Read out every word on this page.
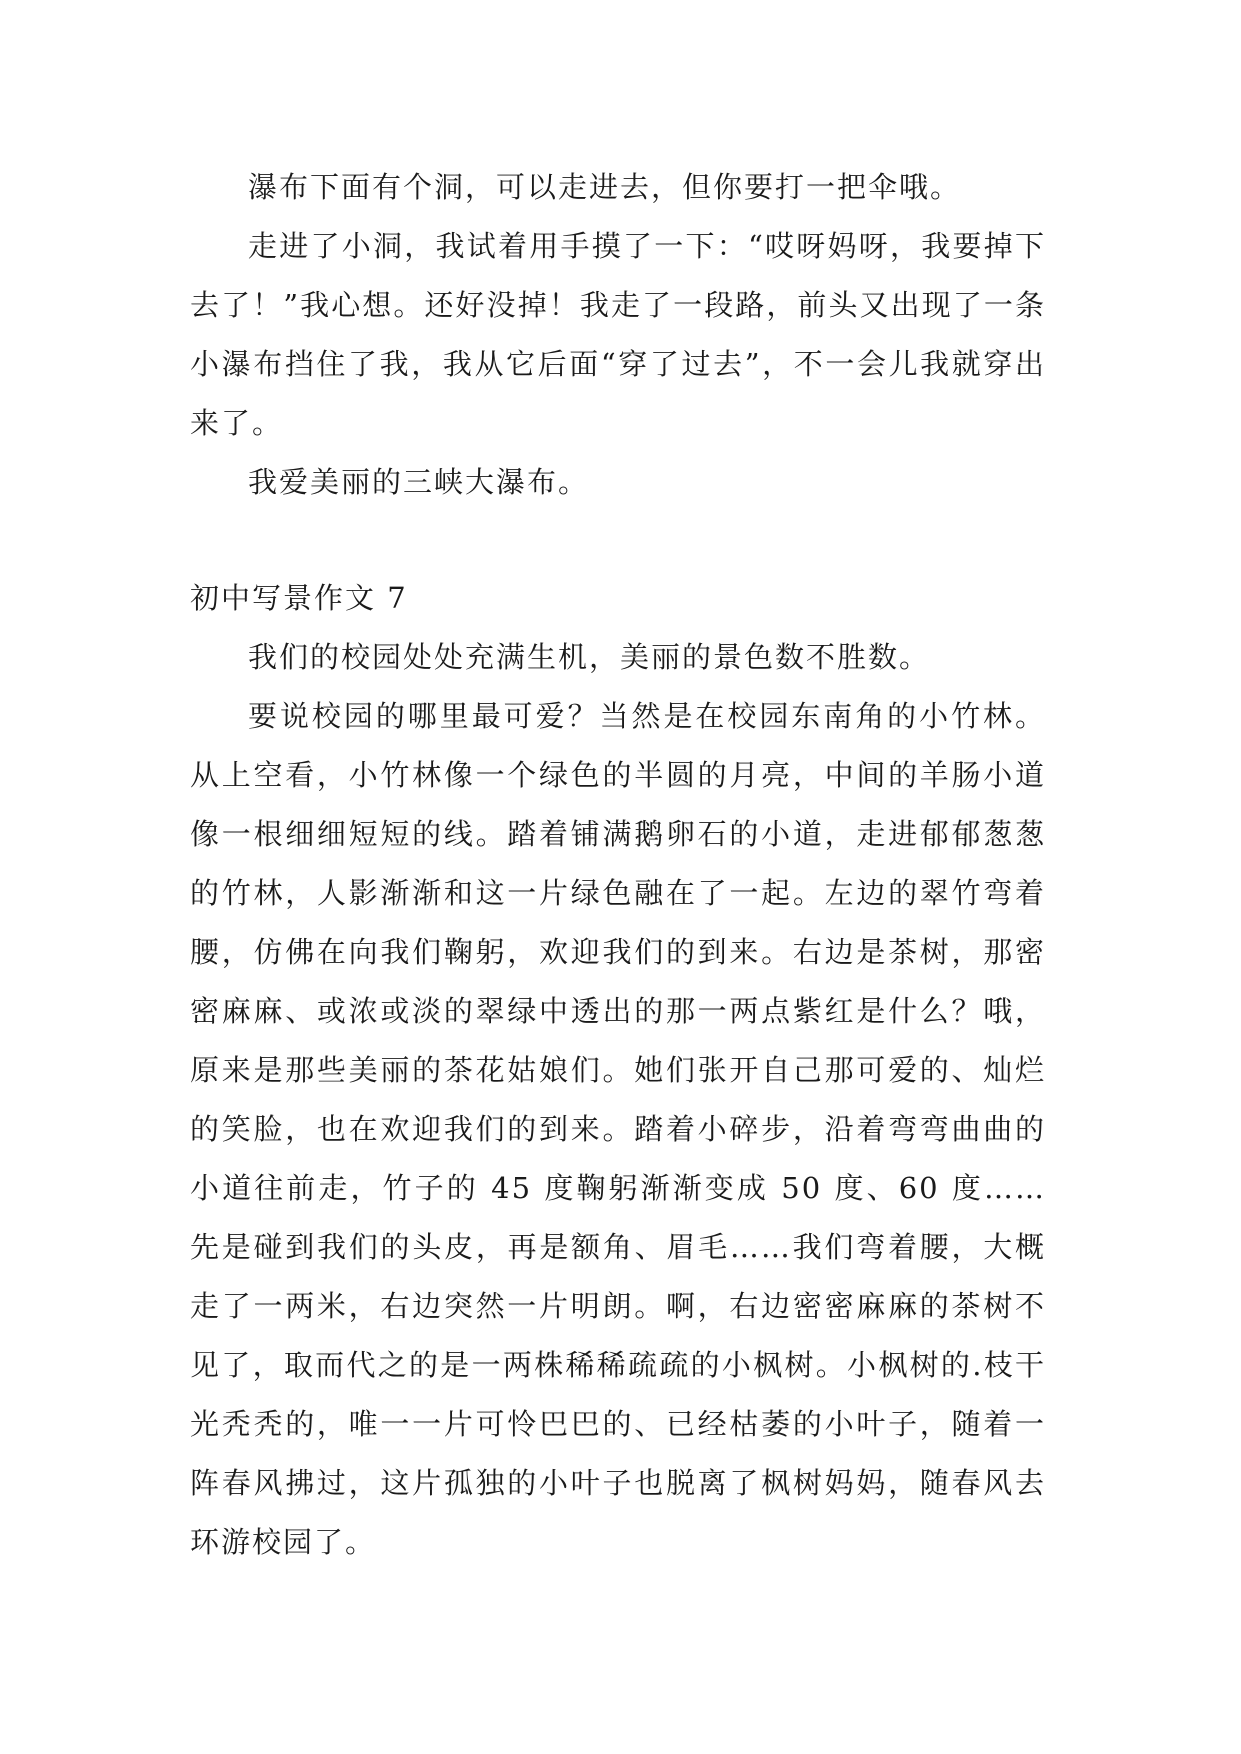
瀑布下面有个洞，可以走进去，但你要打一把伞哦。

走进了小洞，我试着用手摸了一下：“哎呀妈呀，我要掉下去了！”我心想。还好没掉！我走了一段路，前头又出现了一条小瀑布挡住了我，我从它后面“穿了过去”，不一会儿我就穿出来了。

我爱美丽的三峡大瀑布。

初中写景作文 7

我们的校园处处充满生机，美丽的景色数不胜数。

要说校园的哪里最可爱？当然是在校园东南角的小竹林。从上空看，小竹林像一个绿色的半圆的月亮，中间的羊肠小道像一根细细短短的线。踏着铺满鹅卵石的小道，走进郁郁葱葱的竹林，人影渐渐和这一片绿色融在了一起。左边的翠竹弯着腰，仿佛在向我们鞠躬，欢迎我们的到来。右边是茶树，那密密麻麻、或浓或淡的翠绿中透出的那一两点紫红是什么？哦，原来是那些美丽的茶花姑娘们。她们张开自己那可爱的、灿烂的笑脸，也在欢迎我们的到来。踏着小碎步，沿着弯弯曲曲的小道往前走，竹子的 45 度鞠躬渐渐变成 50 度、60 度……先是碰到我们的头皮，再是额角、眉毛……我们弯着腰，大概走了一两米，右边突然一片明朗。啊，右边密密麻麻的茶树不见了，取而代之的是一两株稀稀疏疏的小枫树。小枫树的.枝干光秃秃的，唯一一片可怜巴巴的、已经枯萎的小叶子，随着一阵春风拂过，这片孤独的小叶子也脱离了枫树妈妈，随春风去环游校园了。
